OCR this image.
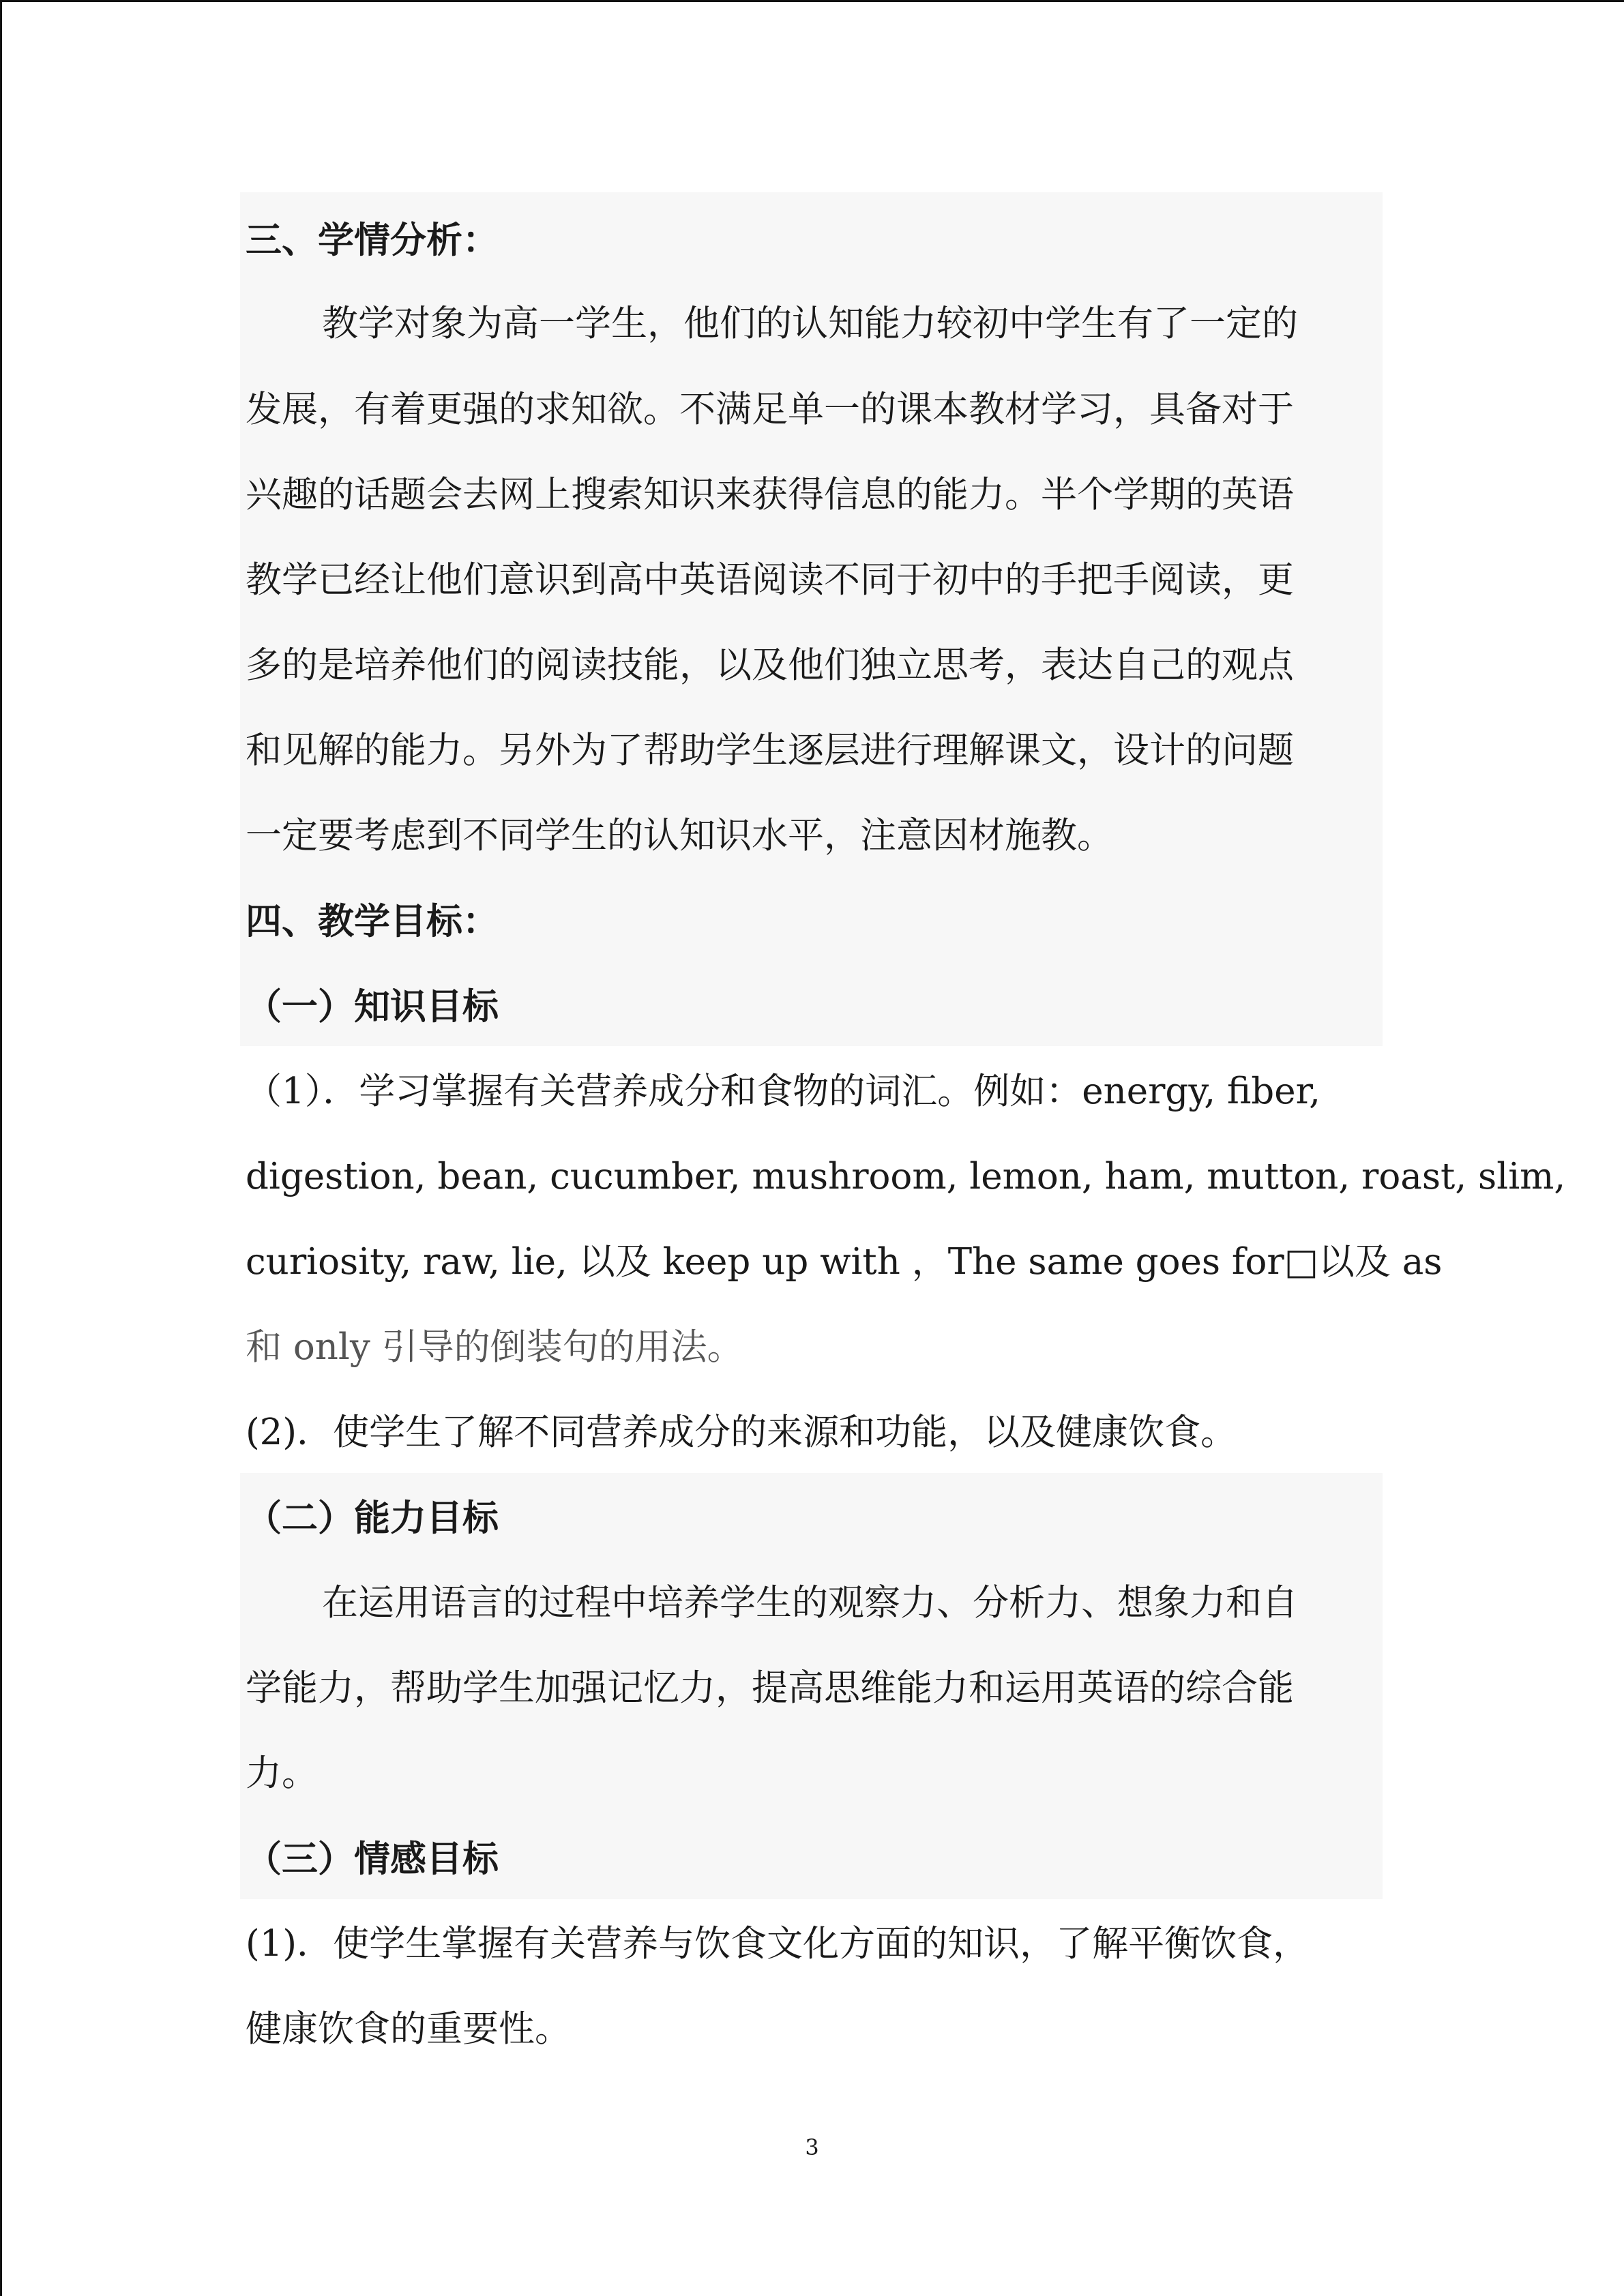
三、学情分析：
教学对象为高一学生，他们的认知能力较初中学生有了一定的
发展，有着更强的求知欲。不满足单一的课本教材学习，具备对于
兴趣的话题会去网上搜索知识来获得信息的能力。半个学期的英语
教学已经让他们意识到高中英语阅读不同于初中的手把手阅读，更
多的是培养他们的阅读技能，以及他们独立思考，表达自己的观点
和见解的能力。另外为了帮助学生逐层进行理解课文，设计的问题
一定要考虑到不同学生的认知识水平，注意因材施教。
四、教学目标：
（一）知识目标
（1）．学习掌握有关营养成分和食物的词汇。例如：energy, fiber,
digestion, bean, cucumber, mushroom, lemon, ham, mutton, roast, slim,
curiosity, raw, lie, 以及 keep up with ，The same goes for□以及 as
和 only 引导的倒装句的用法。
(2)．使学生了解不同营养成分的来源和功能，以及健康饮食。
（二）能力目标
在运用语言的过程中培养学生的观察力、分析力、想象力和自
学能力，帮助学生加强记忆力，提高思维能力和运用英语的综合能
力。
（三）情感目标
(1)．使学生掌握有关营养与饮食文化方面的知识，了解平衡饮食，
健康饮食的重要性。
3
